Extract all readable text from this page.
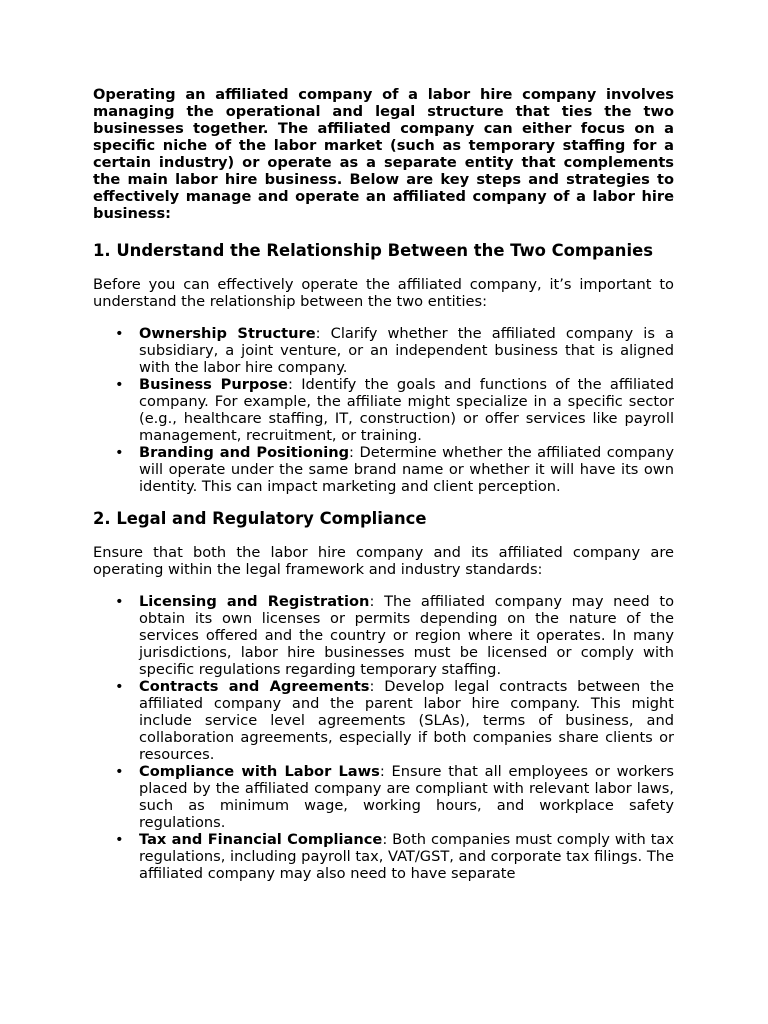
Operating an affiliated company of a labor hire company involves managing the operational and legal structure that ties the two businesses together. The affiliated company can either focus on a specific niche of the labor market (such as temporary staffing for a certain industry) or operate as a separate entity that complements the main labor hire business. Below are key steps and strategies to effectively manage and operate an affiliated company of a labor hire business:

1. Understand the Relationship Between the Two Companies

Before you can effectively operate the affiliated company, it’s important to understand the relationship between the two entities:

• Ownership Structure: Clarify whether the affiliated company is a subsidiary, a joint venture, or an independent business that is aligned with the labor hire company.
• Business Purpose: Identify the goals and functions of the affiliated company. For example, the affiliate might specialize in a specific sector (e.g., healthcare staffing, IT, construction) or offer services like payroll management, recruitment, or training.
• Branding and Positioning: Determine whether the affiliated company will operate under the same brand name or whether it will have its own identity. This can impact marketing and client perception.
2. Legal and Regulatory Compliance

Ensure that both the labor hire company and its affiliated company are operating within the legal framework and industry standards:

• Licensing and Registration: The affiliated company may need to obtain its own licenses or permits depending on the nature of the services offered and the country or region where it operates. In many jurisdictions, labor hire businesses must be licensed or comply with specific regulations regarding temporary staffing.
• Contracts and Agreements: Develop legal contracts between the affiliated company and the parent labor hire company. This might include service level agreements (SLAs), terms of business, and collaboration agreements, especially if both companies share clients or resources.
• Compliance with Labor Laws: Ensure that all employees or workers placed by the affiliated company are compliant with relevant labor laws, such as minimum wage, working hours, and workplace safety regulations.
• Tax and Financial Compliance: Both companies must comply with tax regulations, including payroll tax, VAT/GST, and corporate tax filings. The affiliated company may also need to have separate
